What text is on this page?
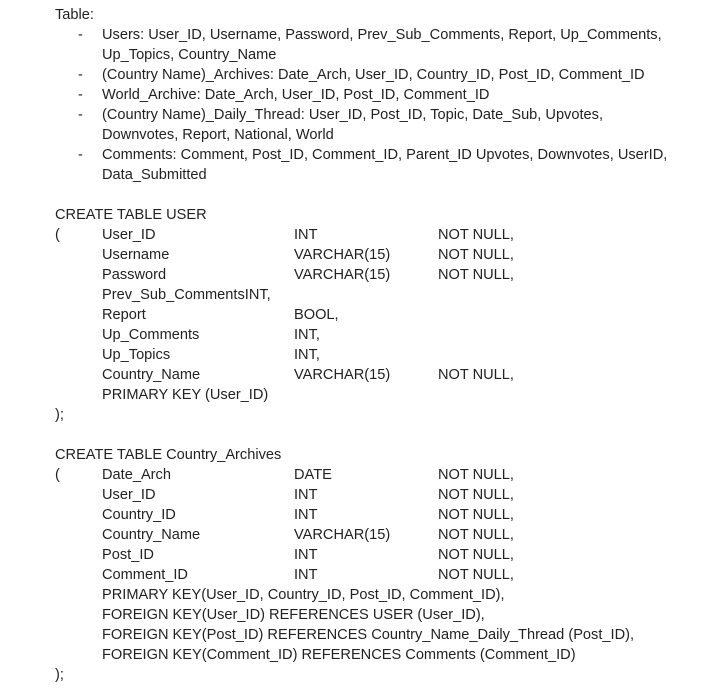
Table:
- Users: User_ID, Username, Password, Prev_Sub_Comments, Report, Up_Comments,
Up_Topics, Country_Name
- (Country Name)_Archives: Date_Arch, User_ID, Country_ID, Post_ID, Comment_ID
- World_Archive: Date_Arch, User_ID, Post_ID, Comment_ID
- (Country Name)_Daily_Thread: User_ID, Post_ID, Topic, Date_Sub, Upvotes,
Downvotes, Report, National, World
- Comments: Comment, Post_ID, Comment_ID, Parent_ID Upvotes, Downvotes, UserID,
Data_Submitted
CREATE TABLE USER
(	User_ID	INT	NOT NULL,
Username	VARCHAR(15)	NOT NULL,
Password	VARCHAR(15)	NOT NULL,
Prev_Sub_CommentsINT,
Report	BOOL,
Up_Comments	INT,
Up_Topics	INT,
Country_Name	VARCHAR(15)	NOT NULL,
PRIMARY KEY (User_ID)
);
CREATE TABLE Country_Archives
(	Date_Arch	DATE	NOT NULL,
User_ID	INT	NOT NULL,
Country_ID	INT	NOT NULL,
Country_Name	VARCHAR(15)	NOT NULL,
Post_ID	INT	NOT NULL,
Comment_ID	INT	NOT NULL,
PRIMARY KEY(User_ID, Country_ID, Post_ID, Comment_ID),
FOREIGN KEY(User_ID) REFERENCES USER (User_ID),
FOREIGN KEY(Post_ID) REFERENCES Country_Name_Daily_Thread (Post_ID),
FOREIGN KEY(Comment_ID) REFERENCES Comments (Comment_ID)
);
